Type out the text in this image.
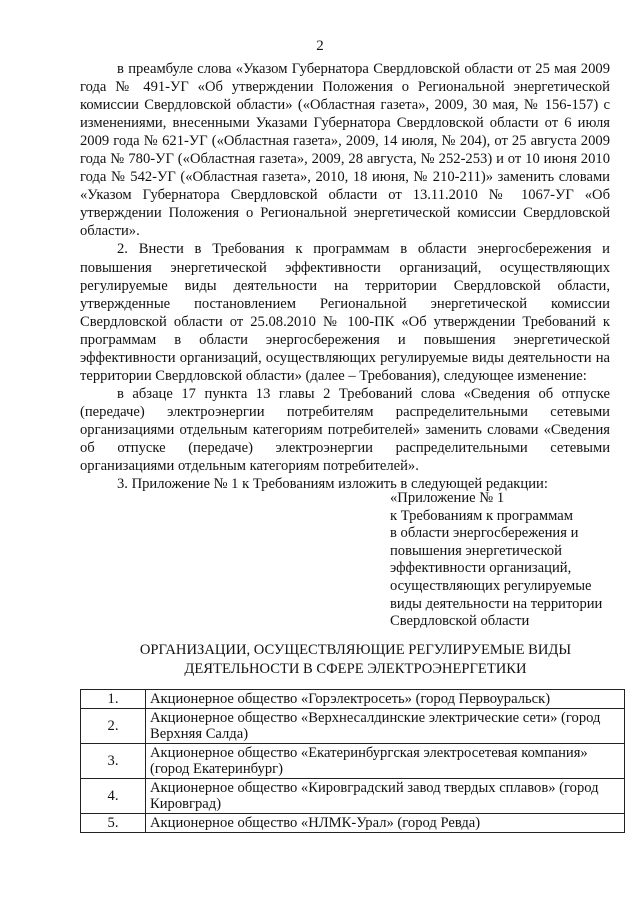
2

в преамбуле слова «Указом Губернатора Свердловской области от 25 мая 2009 года № 491-УГ «Об утверждении Положения о Региональной энергетической комиссии Свердловской области» («Областная газета», 2009, 30 мая, № 156-157) с изменениями, внесенными Указами Губернатора Свердловской области от 6 июля 2009 года № 621-УГ («Областная газета», 2009, 14 июля, № 204), от 25 августа 2009 года № 780-УГ («Областная газета», 2009, 28 августа, № 252-253) и от 10 июня 2010 года № 542-УГ («Областная газета», 2010, 18 июня, № 210-211)» заменить словами «Указом Губернатора Свердловской области от 13.11.2010 № 1067-УГ «Об утверждении Положения о Региональной энергетической комиссии Свердловской области».

2. Внести в Требования к программам в области энергосбережения и повышения энергетической эффективности организаций, осуществляющих регулируемые виды деятельности на территории Свердловской области, утвержденные постановлением Региональной энергетической комиссии Свердловской области от 25.08.2010 № 100-ПК «Об утверждении Требований к программам в области энергосбережения и повышения энергетической эффективности организаций, осуществляющих регулируемые виды деятельности на территории Свердловской области» (далее – Требования), следующее изменение:

в абзаце 17 пункта 13 главы 2 Требований слова «Сведения об отпуске (передаче) электроэнергии потребителям распределительными сетевыми организациями отдельным категориям потребителей» заменить словами «Сведения об отпуске (передаче) электроэнергии распределительными сетевыми организациями отдельным категориям потребителей».

3. Приложение № 1 к Требованиям изложить в следующей редакции:

«Приложение № 1
к Требованиям к программам
в области энергосбережения и
повышения энергетической
эффективности организаций,
осуществляющих регулируемые
виды деятельности на территории
Свердловской области
ОРГАНИЗАЦИИ, ОСУЩЕСТВЛЯЮЩИЕ РЕГУЛИРУЕМЫЕ ВИДЫ ДЕЯТЕЛЬНОСТИ В СФЕРЕ ЭЛЕКТРОЭНЕРГЕТИКИ
1.	Акционерное общество «Горэлектросеть» (город Первоуральск)
2.	Акционерное общество «Верхнесалдинские электрические сети» (город Верхняя Салда)
3.	Акционерное общество «Екатеринбургская электросетевая компания» (город Екатеринбург)
4.	Акционерное общество «Кировградский завод твердых сплавов» (город Кировград)
5.	Акционерное общество «НЛМК-Урал» (город Ревда)
